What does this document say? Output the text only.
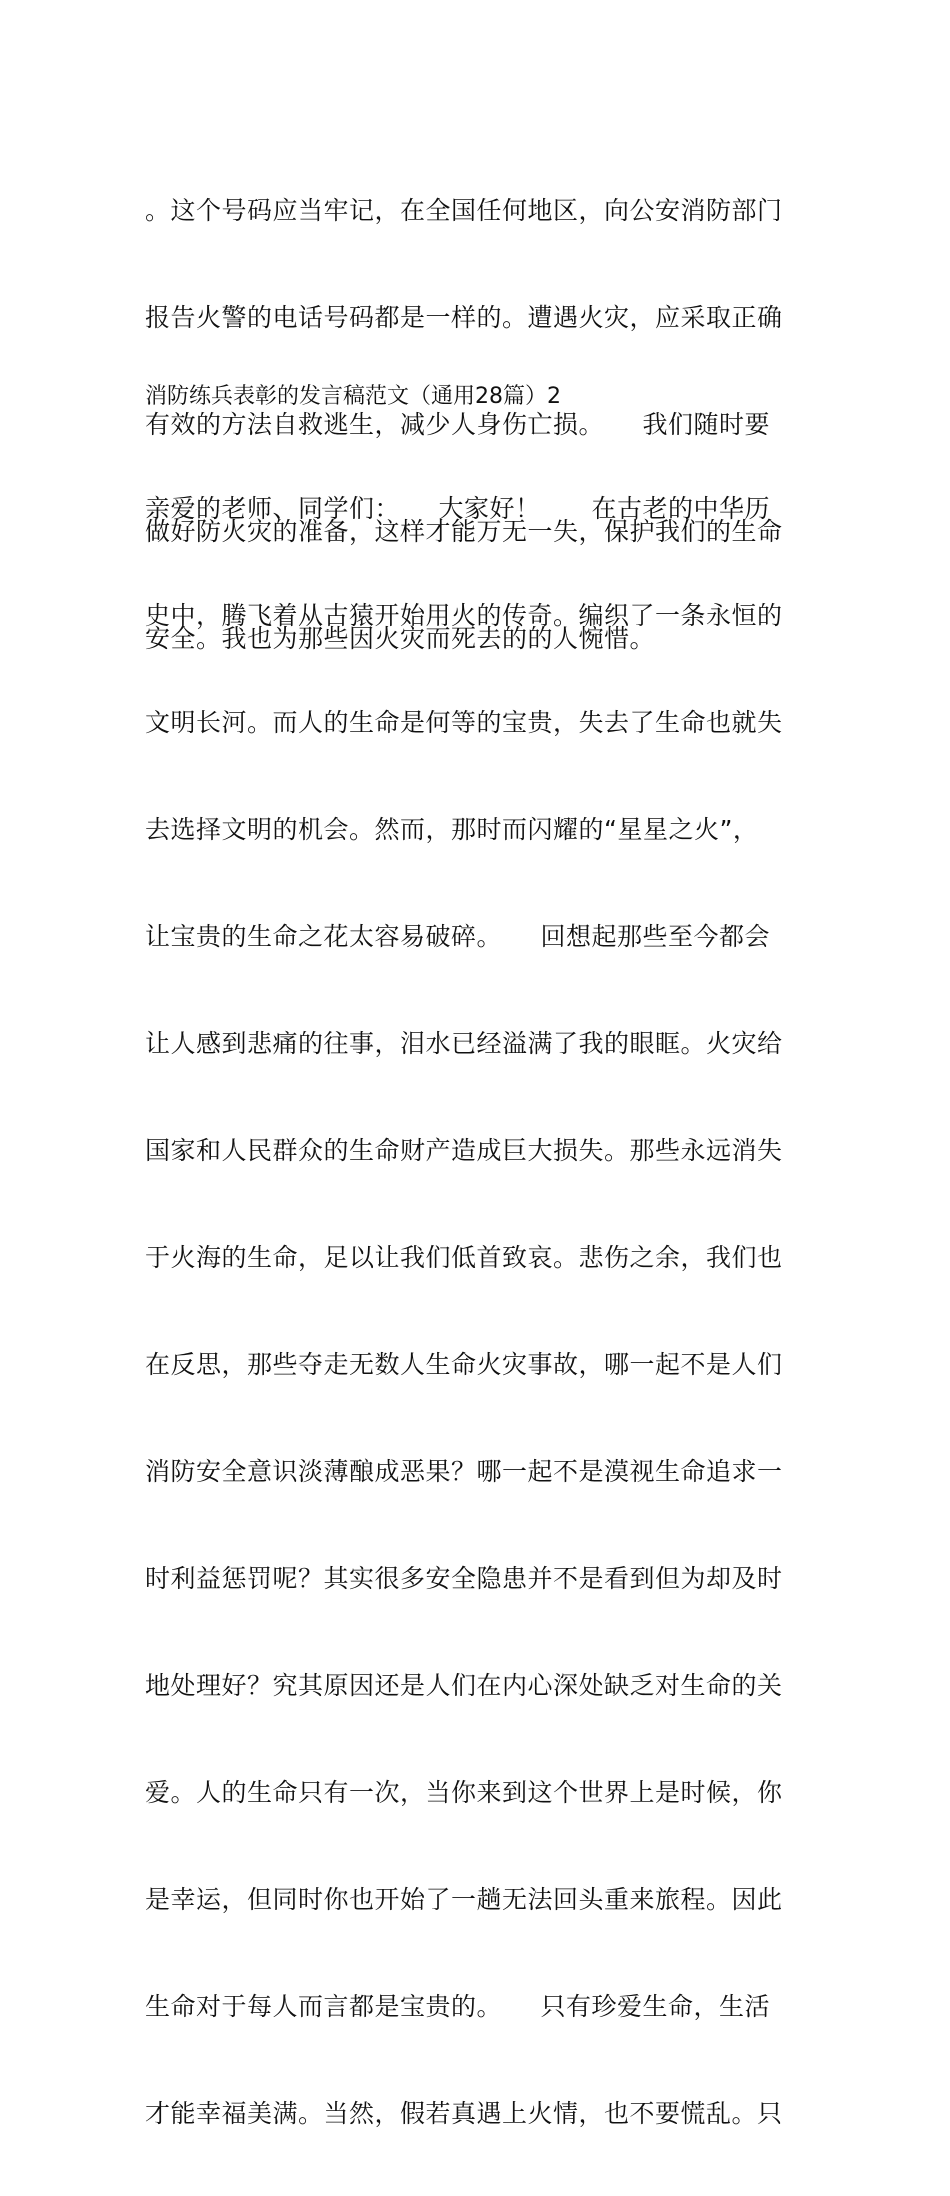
。这个号码应当牢记，在全国任何地区，向公安消防部门

报告火警的电话号码都是一样的。遭遇火灾，应采取正确

有效的方法自救逃生，减少人身伤亡损。　　我们随时要

做好防火灾的准备，这样才能万无一失，保护我们的生命

安全。我也为那些因火灾而死去的的人惋惜。

消防练兵表彰的发言稿范文（通用28篇）2

亲爱的老师、同学们：　　大家好！　　在古老的中华历

史中，腾飞着从古猿开始用火的传奇。编织了一条永恒的

文明长河。而人的生命是何等的宝贵，失去了生命也就失

去选择文明的机会。然而，那时而闪耀的“星星之火”，

让宝贵的生命之花太容易破碎。　　回想起那些至今都会

让人感到悲痛的往事，泪水已经溢满了我的眼眶。火灾给

国家和人民群众的生命财产造成巨大损失。那些永远消失

于火海的生命，足以让我们低首致哀。悲伤之余，我们也

在反思，那些夺走无数人生命火灾事故，哪一起不是人们

消防安全意识淡薄酿成恶果？哪一起不是漠视生命追求一

时利益惩罚呢？其实很多安全隐患并不是看到但为却及时

地处理好？究其原因还是人们在内心深处缺乏对生命的关

爱。人的生命只有一次，当你来到这个世界上是时候，你

是幸运，但同时你也开始了一趟无法回头重来旅程。因此

生命对于每人而言都是宝贵的。　　只有珍爱生命，生活

才能幸福美满。当然，假若真遇上火情，也不要慌乱。只
